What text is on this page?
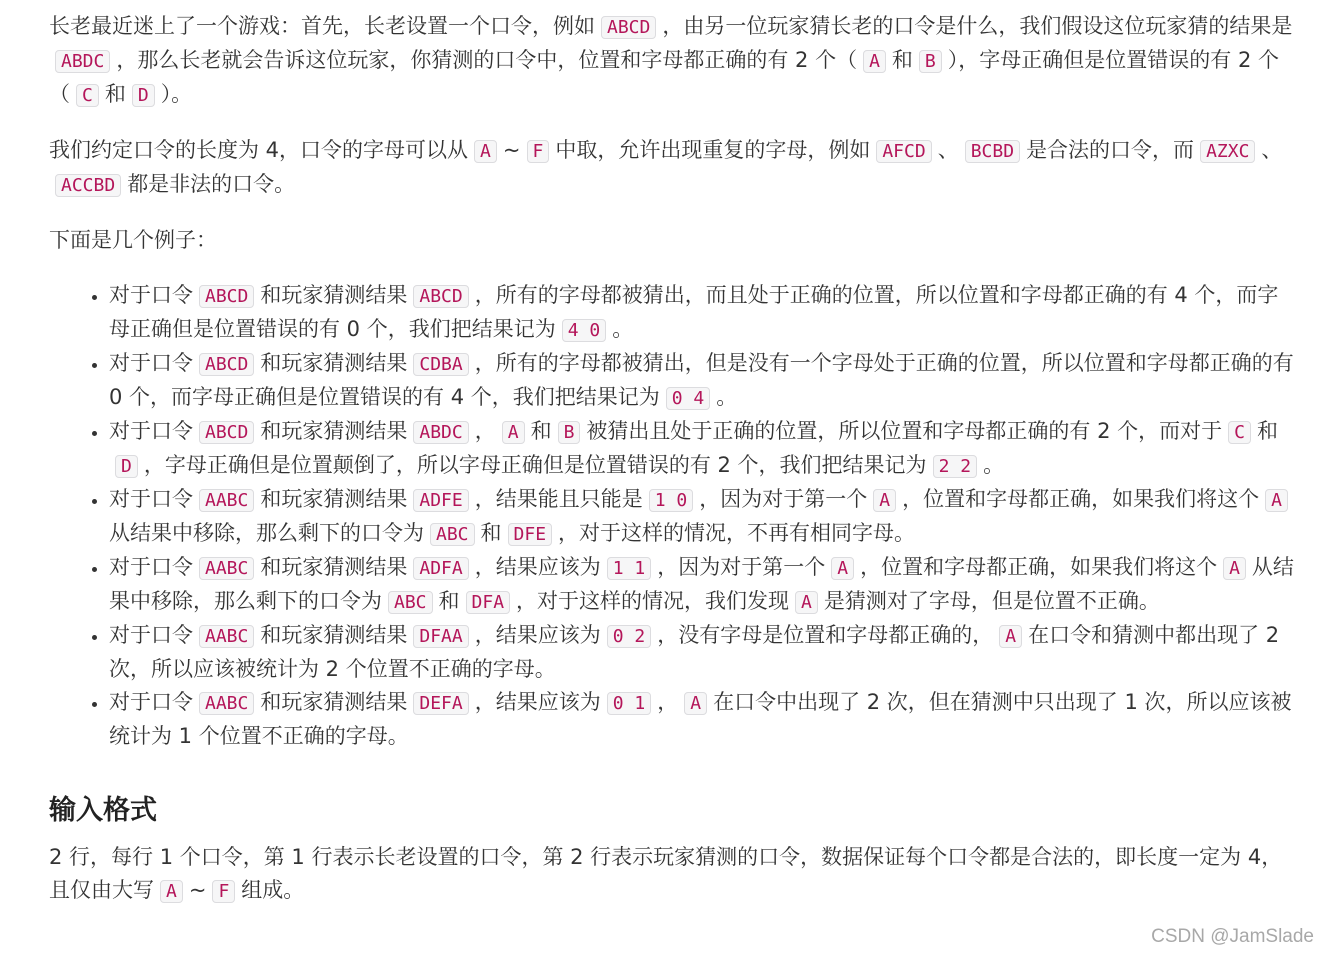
长老最近迷上了一个游戏：首先，长老设置一个口令，例如 ABCD ，由另一位玩家猜长老的口令是什么，我们假设这位玩家猜的结果是ABDC ，那么长老就会告诉这位玩家，你猜测的口令中，位置和字母都正确的有 2 个（ A 和 B ），字母正确但是位置错误的有 2 个（ C 和 D ）。

我们约定口令的长度为 4，口令的字母可以从 A ~ F 中取，允许出现重复的字母，例如 AFCD 、 BCBD 是合法的口令，而 AZXC 、ACCBD 都是非法的口令。

下面是几个例子：

• 对于口令 ABCD 和玩家猜测结果 ABCD ，所有的字母都被猜出，而且处于正确的位置，所以位置和字母都正确的有 4 个，而字母正确但是位置错误的有 0 个，我们把结果记为 4 0 。
• 对于口令 ABCD 和玩家猜测结果 CDBA ，所有的字母都被猜出，但是没有一个字母处于正确的位置，所以位置和字母都正确的有 0 个，而字母正确但是位置错误的有 4 个，我们把结果记为 0 4 。
• 对于口令 ABCD 和玩家猜测结果 ABDC ， A 和 B 被猜出且处于正确的位置，所以位置和字母都正确的有 2 个，而对于 C 和D ，字母正确但是位置颠倒了，所以字母正确但是位置错误的有 2 个，我们把结果记为 2 2 。
• 对于口令 AABC 和玩家猜测结果 ADFE ，结果能且只能是 1 0 ，因为对于第一个 A ，位置和字母都正确，如果我们将这个 A从结果中移除，那么剩下的口令为 ABC 和 DFE ，对于这样的情况，不再有相同字母。
• 对于口令 AABC 和玩家猜测结果 ADFA ，结果应该为 1 1 ，因为对于第一个 A ，位置和字母都正确，如果我们将这个 A 从结果中移除，那么剩下的口令为 ABC 和 DFA ，对于这样的情况，我们发现 A 是猜测对了字母，但是位置不正确。
• 对于口令 AABC 和玩家猜测结果 DFAA ，结果应该为 0 2 ，没有字母是位置和字母都正确的， A 在口令和猜测中都出现了 2 次，所以应该被统计为 2 个位置不正确的字母。
• 对于口令 AABC 和玩家猜测结果 DEFA ，结果应该为 0 1 ， A 在口令中出现了 2 次，但在猜测中只出现了 1 次，所以应该被统计为 1 个位置不正确的字母。
输入格式

2 行，每行 1 个口令，第 1 行表示长老设置的口令，第 2 行表示玩家猜测的口令，数据保证每个口令都是合法的，即长度一定为 4，且仅由大写 A ~ F 组成。

CSDN @JamSlade
